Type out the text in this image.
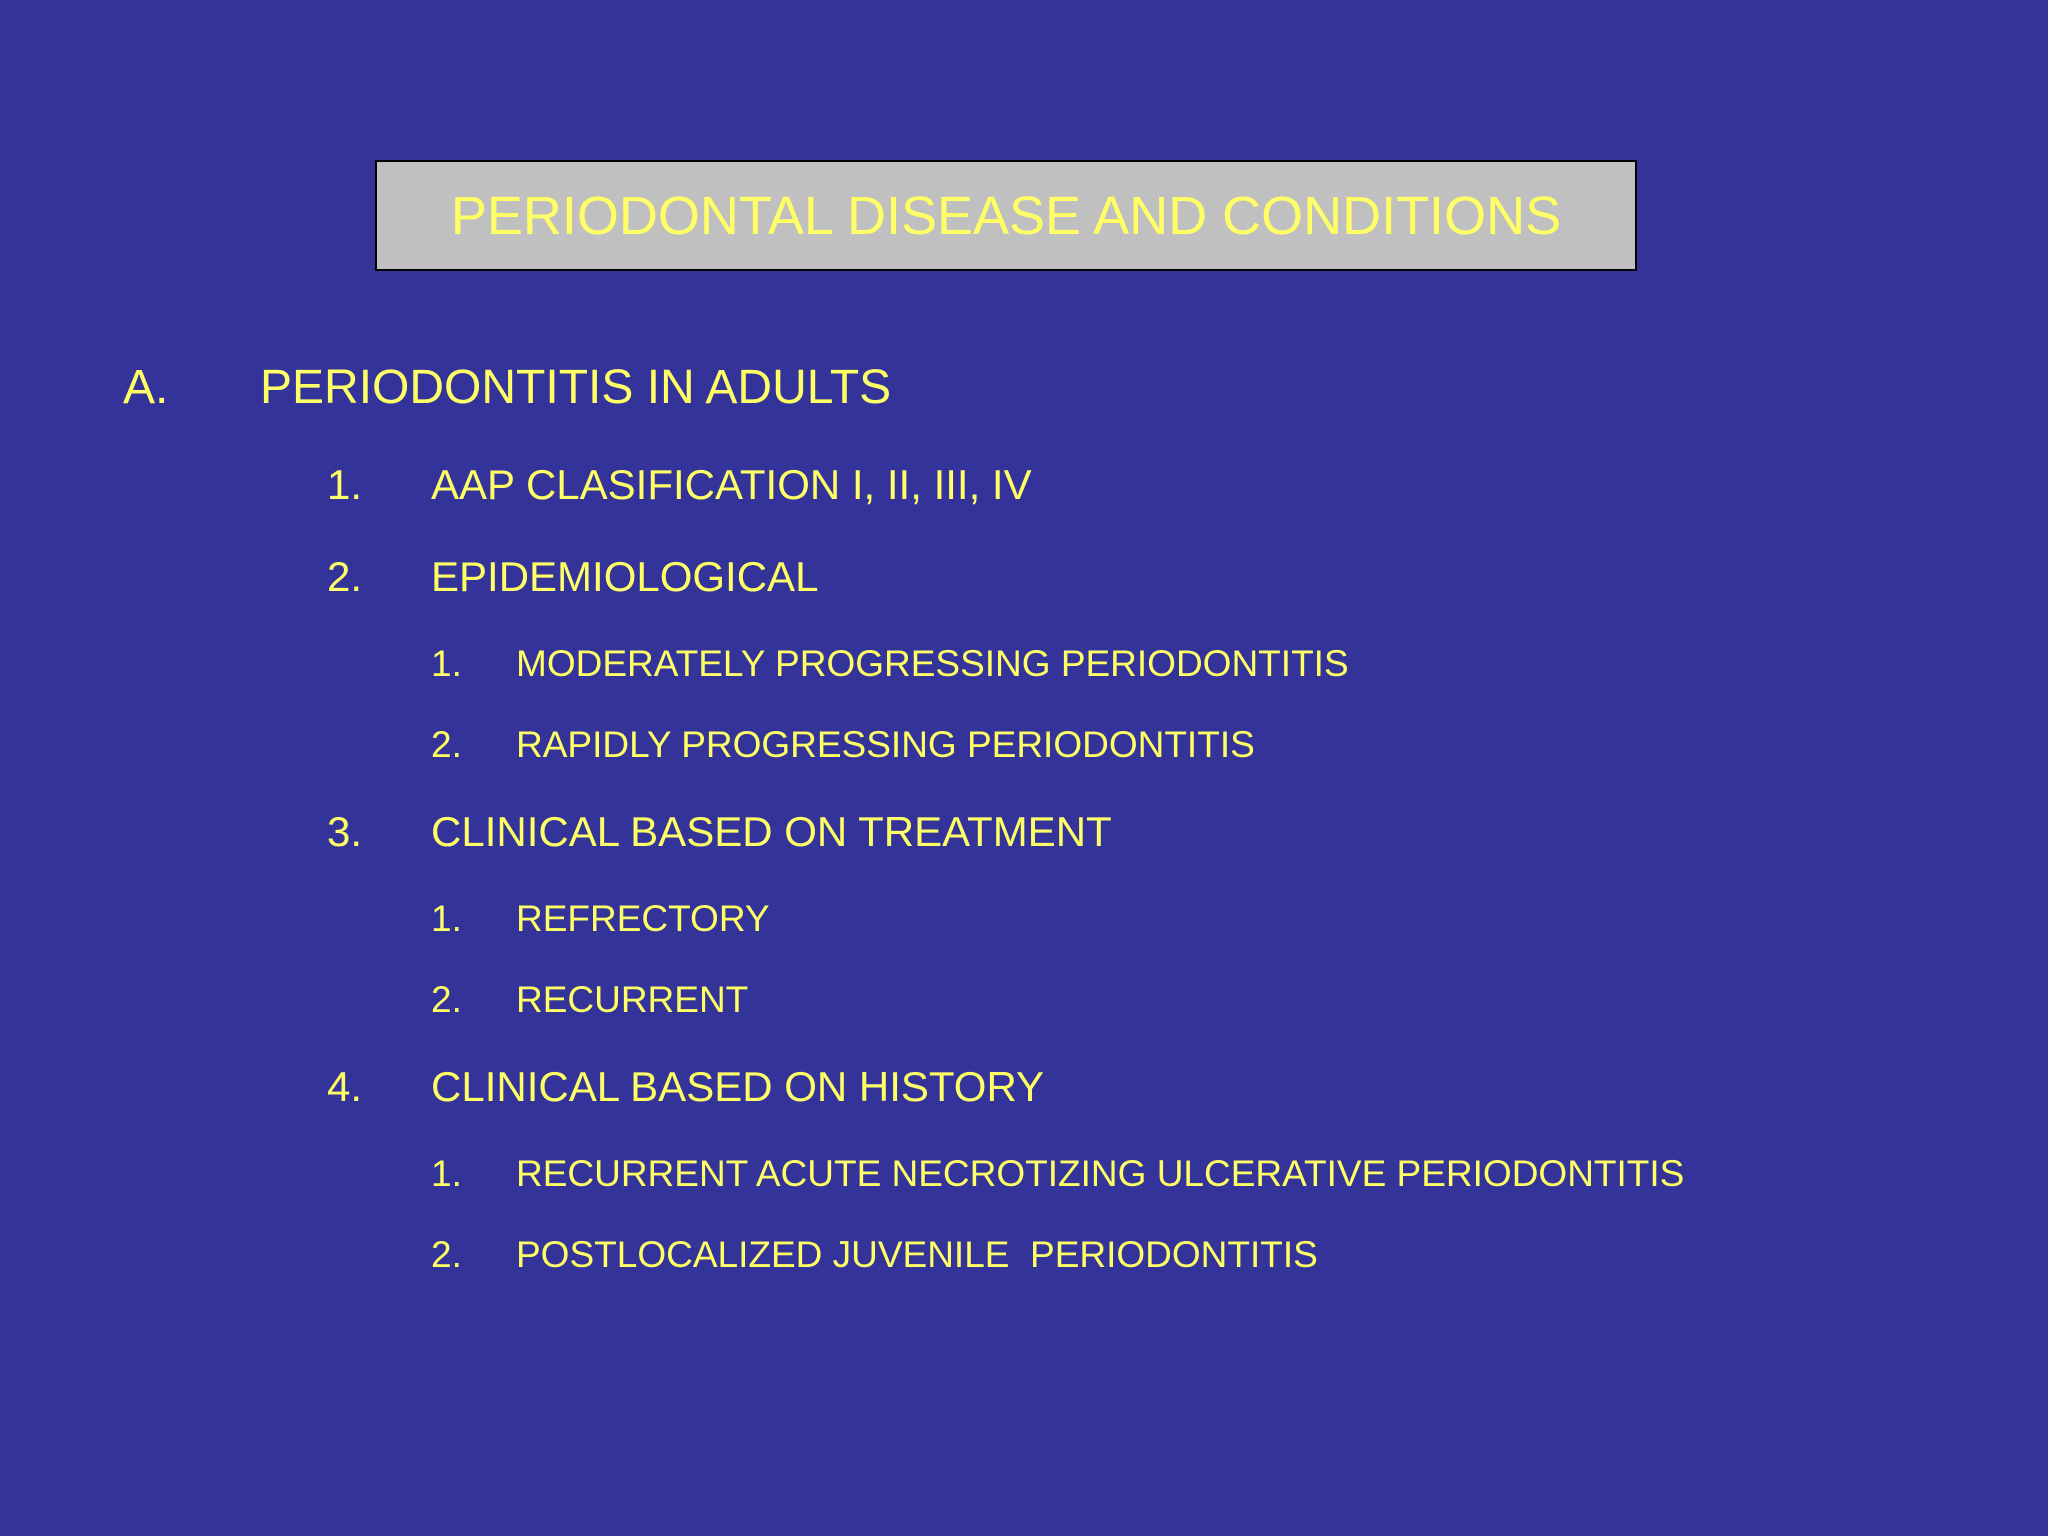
PERIODONTAL DISEASE AND CONDITIONS
A. PERIODONTITIS IN ADULTS
1. AAP CLASIFICATION I, II, III, IV
2. EPIDEMIOLOGICAL
1. MODERATELY PROGRESSING PERIODONTITIS
2. RAPIDLY PROGRESSING PERIODONTITIS
3. CLINICAL BASED ON TREATMENT
1. REFRECTORY
2. RECURRENT
4. CLINICAL BASED ON HISTORY
1. RECURRENT ACUTE NECROTIZING ULCERATIVE PERIODONTITIS
2. POSTLOCALIZED JUVENILE  PERIODONTITIS
